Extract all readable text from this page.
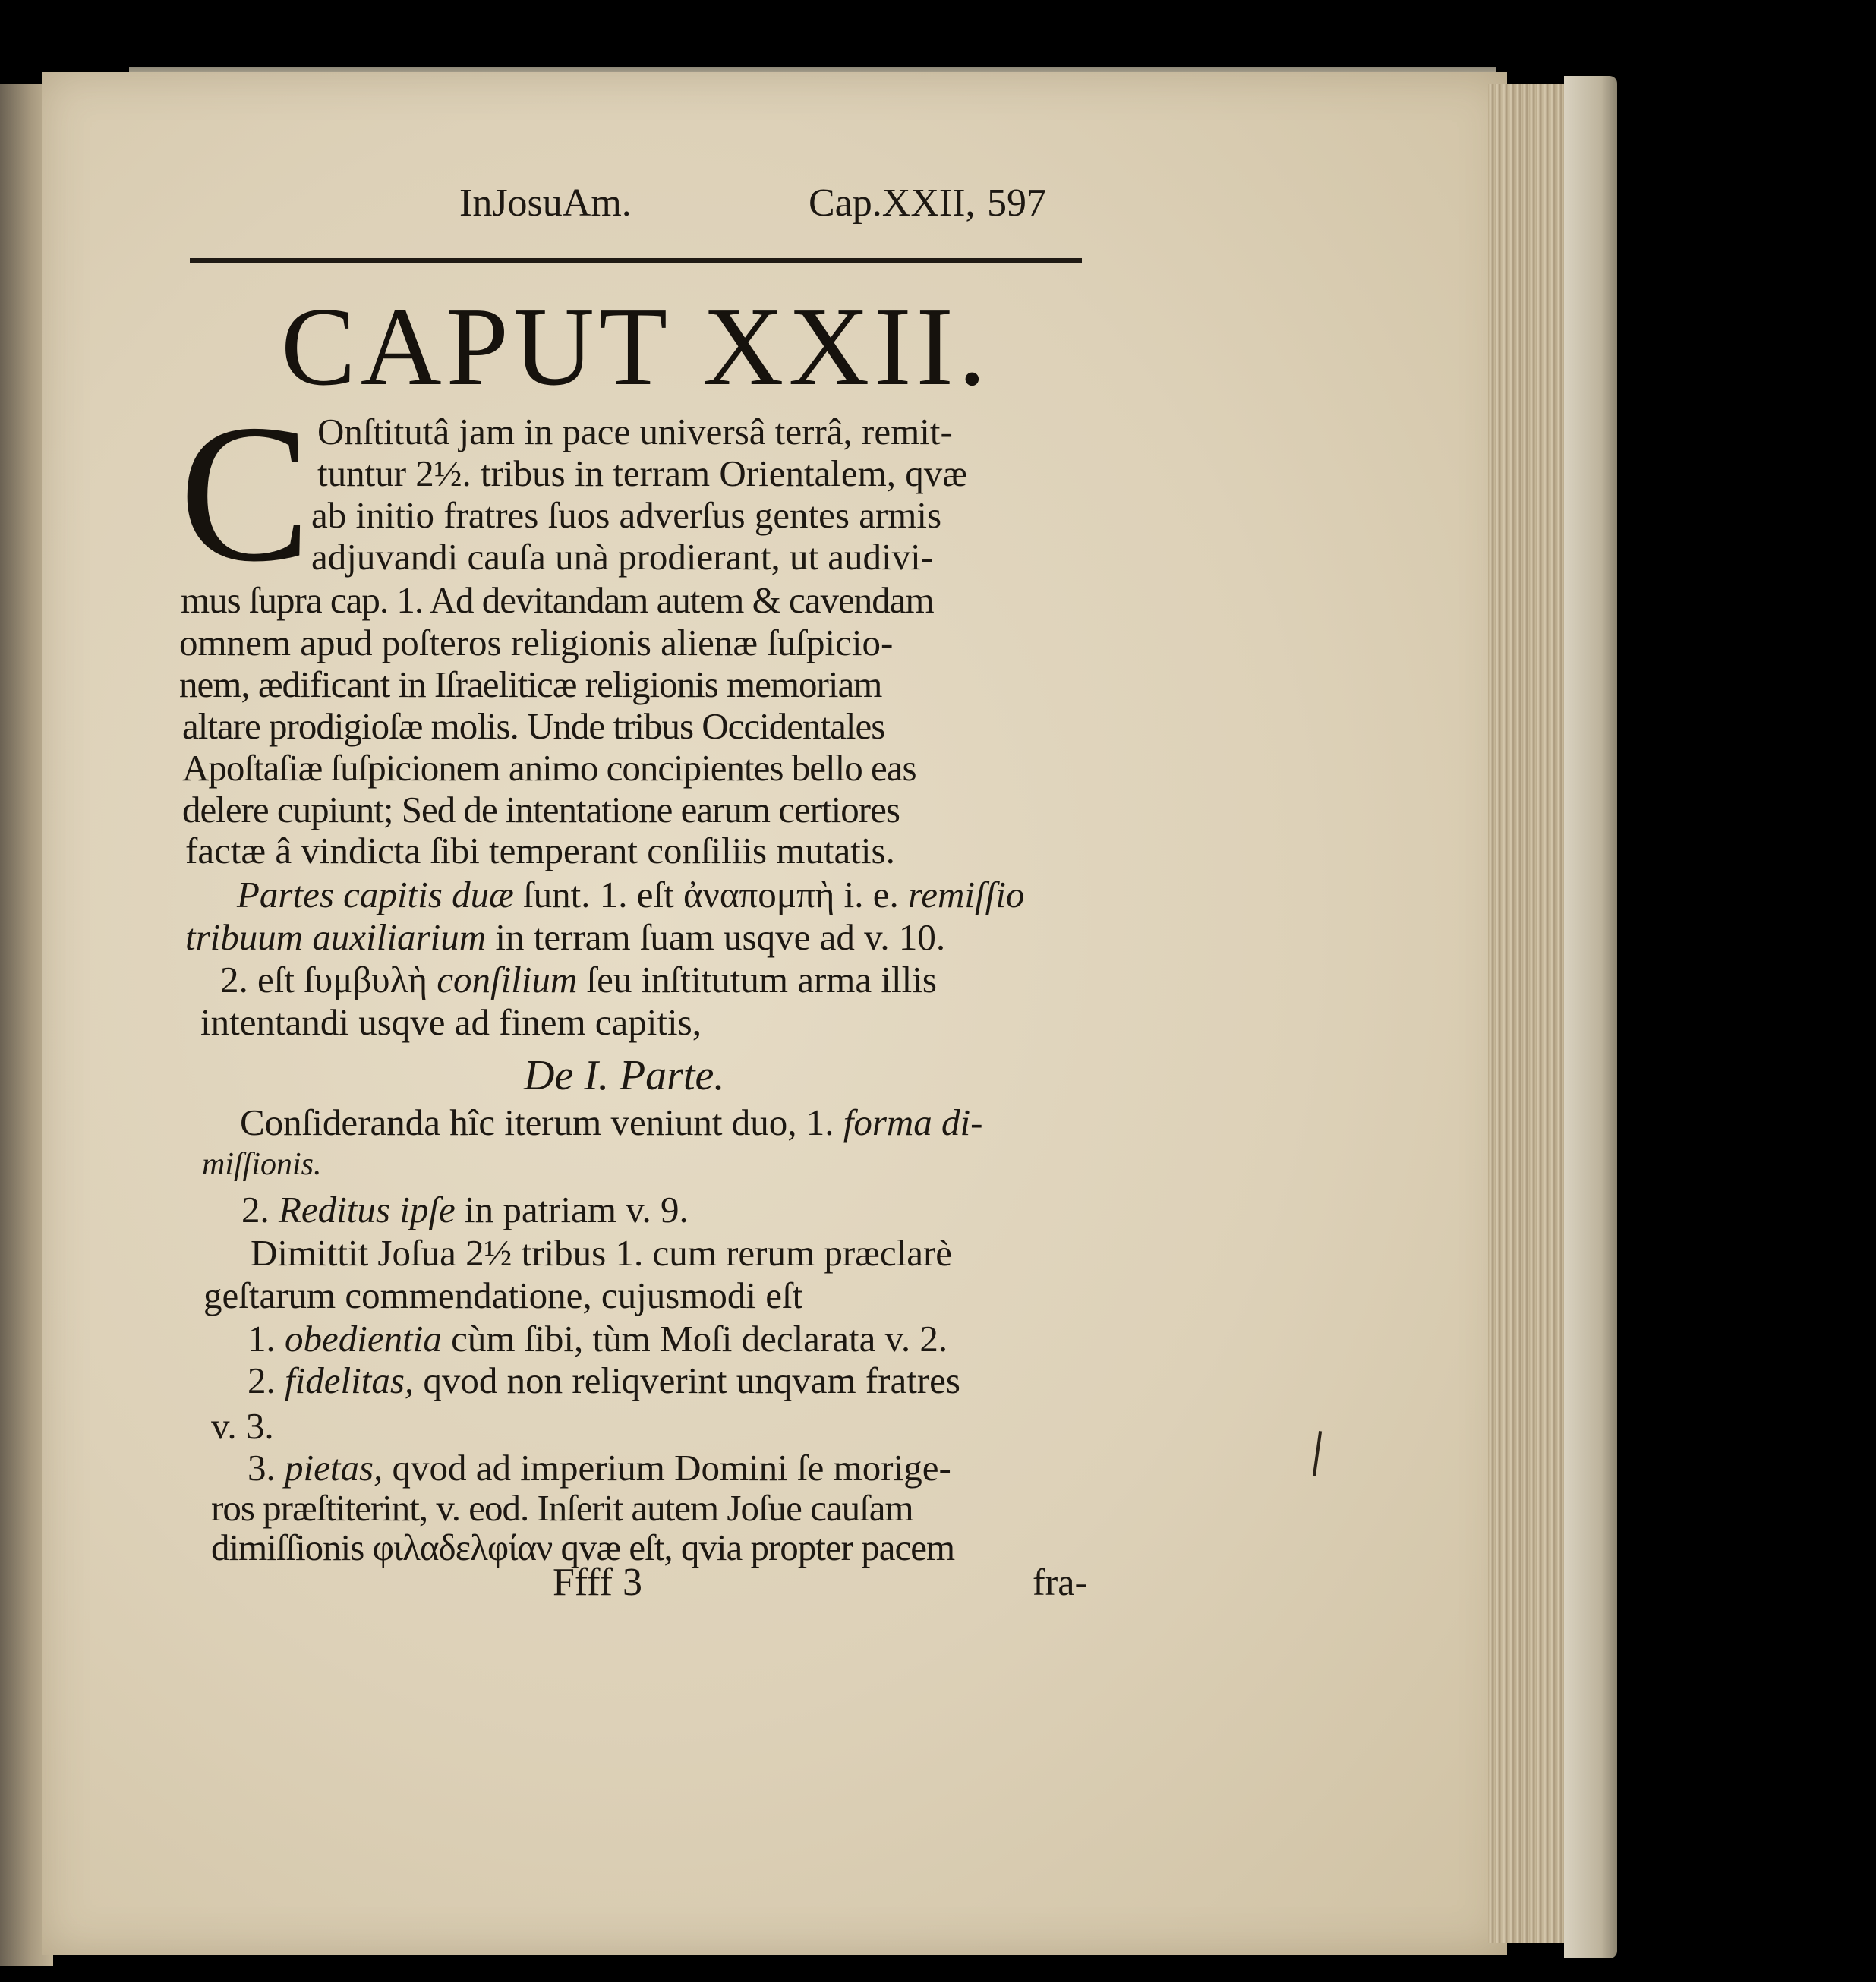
InJosuAm.	Cap.XXII, 597
CAPUT XXII.
C Onſtitutâ jam in pace universâ terrâ, remit-
tuntur 2½. tribus in terram Orientalem, qvæ
ab initio fratres ſuos adverſus gentes armis
adjuvandi cauſa unà prodierant, ut audivi-
mus ſupra cap. 1. Ad devitandam autem & cavendam
omnem apud poſteros religionis alienæ ſuſpicio-
nem, ædificant in Iſraeliticæ religionis memoriam
altare prodigioſæ molis. Unde tribus Occidentales
Apoſtaſiæ ſuſpicionem animo concipientes bello eas
delere cupiunt; Sed de intentatione earum certiores
factæ â vindicta ſibi temperant conſiliis mutatis.
Partes capitis duæ ſunt. 1. eſt ἀναπομπὴ i. e. remiſſio
tribuum auxiliarium in terram ſuam usqve ad v. 10.
2. eſt ſυμβυλὴ conſilium ſeu inſtitutum arma illis
intentandi usqve ad finem capitis,
De I. Parte.
Conſideranda hîc iterum veniunt duo, 1. forma di-
miſſionis.
2. Reditus ipſe in patriam v. 9.
Dimittit Joſua 2½ tribus 1. cum rerum præclarè
geſtarum commendatione, cujusmodi eſt
1. obedientia cùm ſibi, tùm Moſi declarata v. 2.
2. fidelitas, qvod non reliqverint unqvam fratres
v. 3.
3. pietas, qvod ad imperium Domini ſe morige-
ros præſtiterint, v. eod. Inſerit autem Joſue cauſam
dimiſſionis φιλαδελφίαν qvæ eſt, qvia propter pacem
Ffff 3	fra-
